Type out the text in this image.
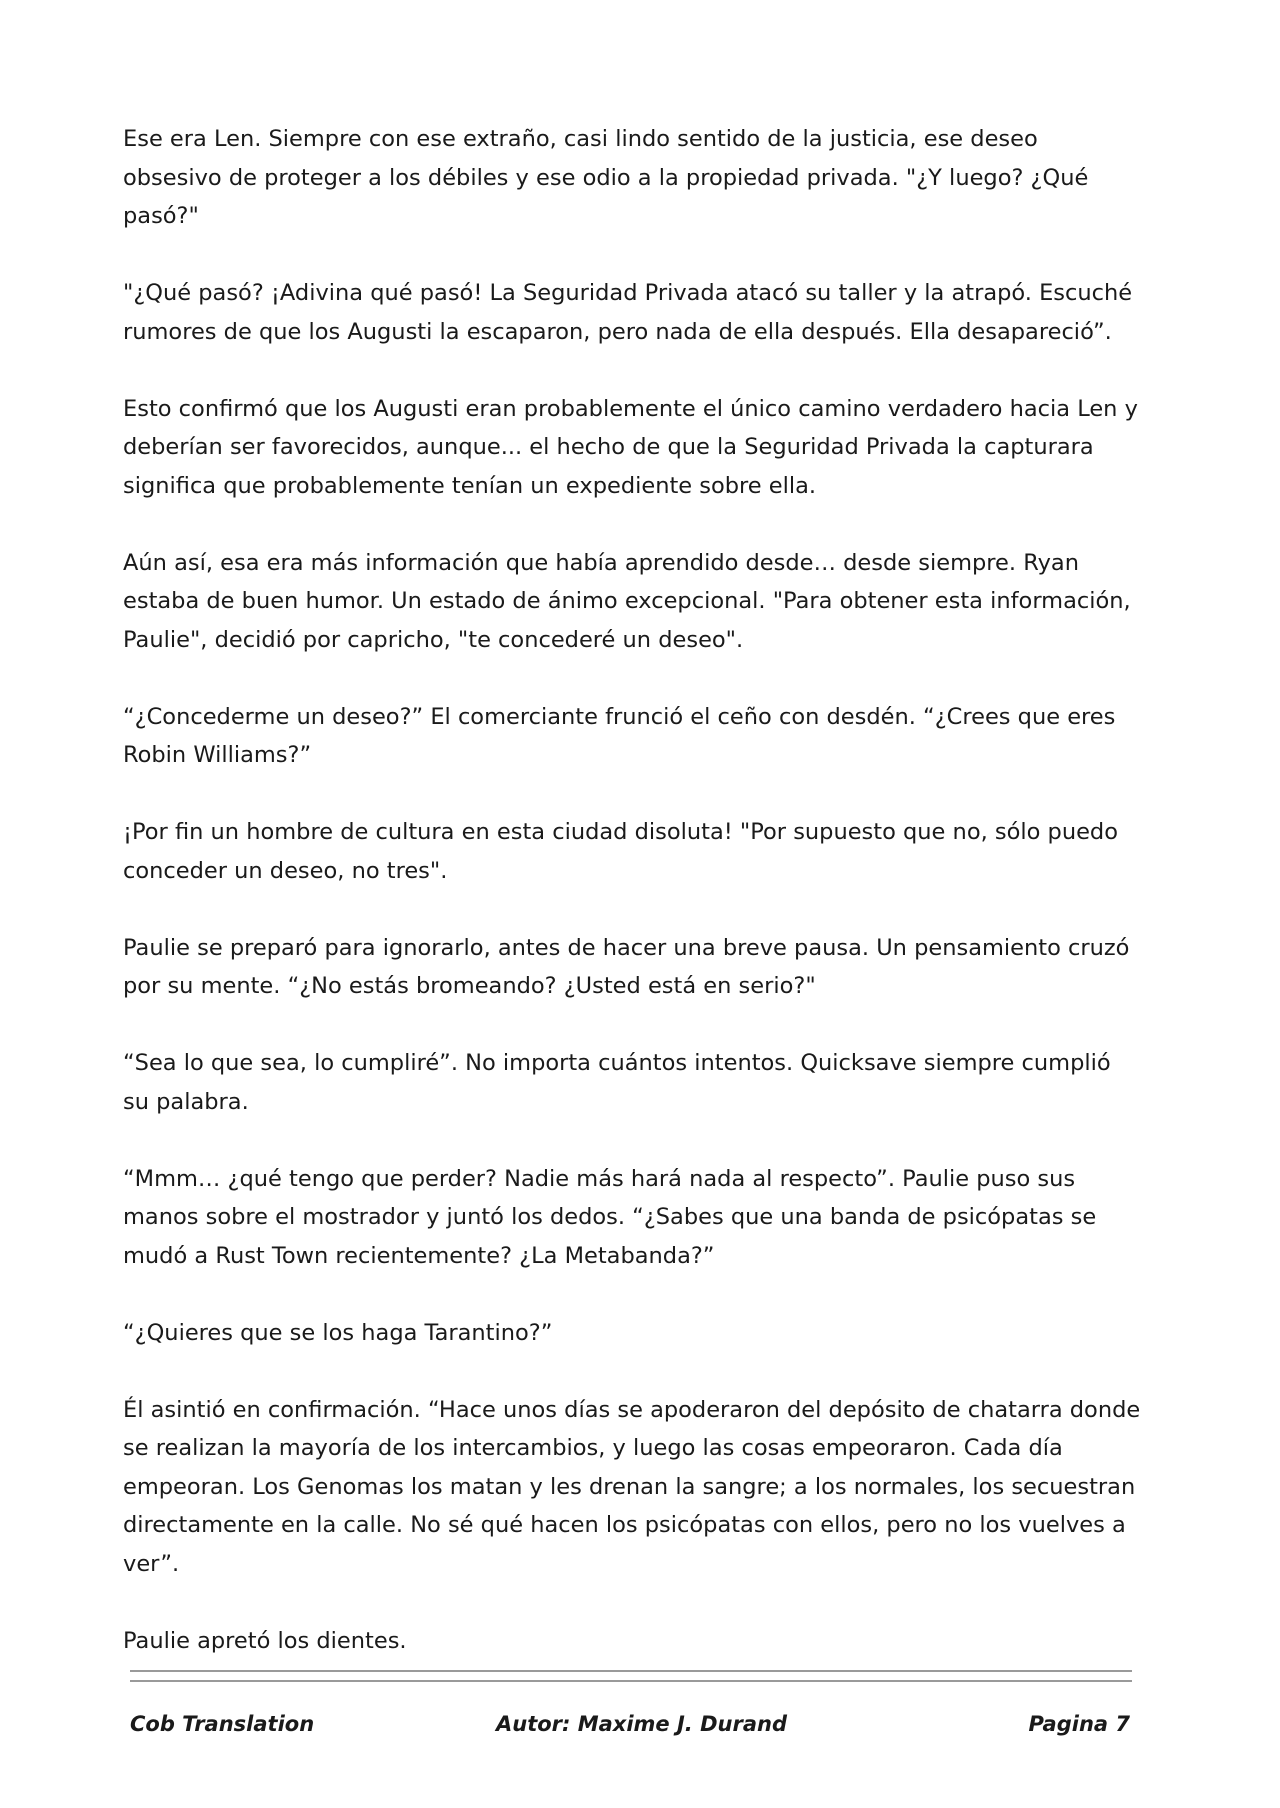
Ese era Len. Siempre con ese extraño, casi lindo sentido de la justicia, ese deseo obsesivo de proteger a los débiles y ese odio a la propiedad privada. "¿Y luego? ¿Qué pasó?"

"¿Qué pasó? ¡Adivina qué pasó! La Seguridad Privada atacó su taller y la atrapó. Escuché rumores de que los Augusti la escaparon, pero nada de ella después. Ella desapareció”.

Esto confirmó que los Augusti eran probablemente el único camino verdadero hacia Len y deberían ser favorecidos, aunque... el hecho de que la Seguridad Privada la capturara significa que probablemente tenían un expediente sobre ella.

Aún así, esa era más información que había aprendido desde… desde siempre. Ryan estaba de buen humor. Un estado de ánimo excepcional. "Para obtener esta información, Paulie", decidió por capricho, "te concederé un deseo".

“¿Concederme un deseo?” El comerciante frunció el ceño con desdén. “¿Crees que eres Robin Williams?”

¡Por fin un hombre de cultura en esta ciudad disoluta! "Por supuesto que no, sólo puedo conceder un deseo, no tres".

Paulie se preparó para ignorarlo, antes de hacer una breve pausa. Un pensamiento cruzó por su mente. “¿No estás bromeando? ¿Usted está en serio?"

“Sea lo que sea, lo cumpliré”. No importa cuántos intentos. Quicksave siempre cumplió su palabra.

“Mmm… ¿qué tengo que perder? Nadie más hará nada al respecto”. Paulie puso sus manos sobre el mostrador y juntó los dedos. “¿Sabes que una banda de psicópatas se mudó a Rust Town recientemente? ¿La Metabanda?”

“¿Quieres que se los haga Tarantino?”

Él asintió en confirmación. “Hace unos días se apoderaron del depósito de chatarra donde se realizan la mayoría de los intercambios, y luego las cosas empeoraron. Cada día empeoran. Los Genomas los matan y les drenan la sangre; a los normales, los secuestran directamente en la calle. No sé qué hacen los psicópatas con ellos, pero no los vuelves a ver”.

Paulie apretó los dientes.

Cob Translation	Autor: Maxime J. Durand	Pagina 7
